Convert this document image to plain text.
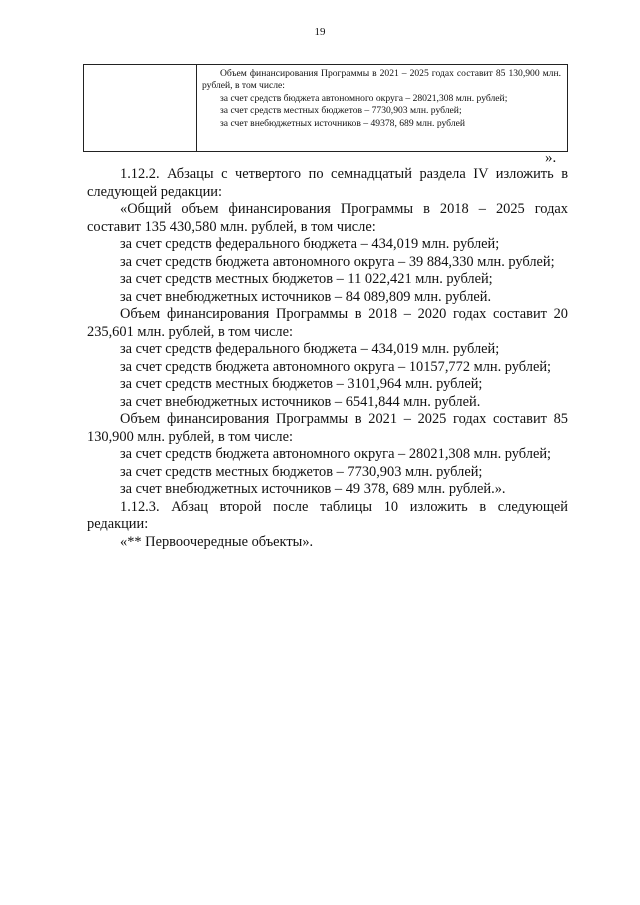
19

Объем финансирования Программы в 2021 – 2025 годах составит 85 130,900 млн. рублей, в том числе:

за счет средств бюджета автономного округа – 28021,308 млн. рублей;

за счет средств местных бюджетов – 7730,903 млн. рублей;

за счет внебюджетных источников – 49378, 689 млн. рублей

».

1.12.2. Абзацы с четвертого по семнадцатый раздела IV изложить в следующей редакции:

«Общий объем финансирования Программы в 2018 – 2025 годах составит 135 430,580 млн. рублей, в том числе:

за счет средств федерального бюджета – 434,019 млн. рублей;

за счет средств бюджета автономного округа – 39 884,330 млн. рублей;

за счет средств местных бюджетов – 11 022,421 млн. рублей;

за счет внебюджетных источников – 84 089,809 млн. рублей.

Объем финансирования Программы в 2018 – 2020 годах составит 20 235,601 млн. рублей, в том числе:

за счет средств федерального бюджета – 434,019 млн. рублей;

за счет средств бюджета автономного округа – 10157,772 млн. рублей;

за счет средств местных бюджетов – 3101,964 млн. рублей;

за счет внебюджетных источников – 6541,844 млн. рублей.

Объем финансирования Программы в 2021 – 2025 годах составит 85 130,900 млн. рублей, в том числе:

за счет средств бюджета автономного округа – 28021,308 млн. рублей;

за счет средств местных бюджетов – 7730,903 млн. рублей;

за счет внебюджетных источников – 49 378, 689 млн. рублей.».

1.12.3. Абзац второй после таблицы 10 изложить в следующей редакции:

«** Первоочередные объекты».
